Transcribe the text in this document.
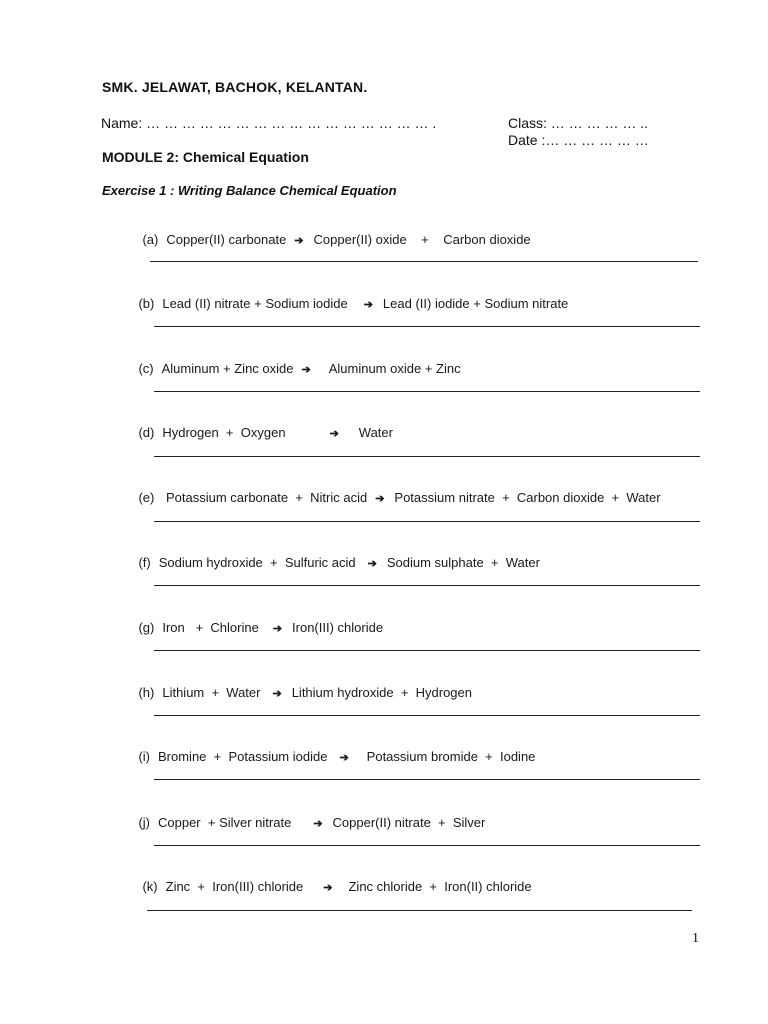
SMK. JELAWAT, BACHOK, KELANTAN.
Name: … … … … … … … … … … … … … … … … .	Class: … … … … … ..
Date :… … … … … …
MODULE 2: Chemical Equation
Exercise 1 : Writing Balance Chemical Equation

(a) Copper(II) carbonate ➔ Copper(II) oxide    +    Carbon dioxide

(b) Lead (II) nitrate + Sodium iodide ➔ Lead (II) iodide + Sodium nitrate

(c) Aluminum + Zinc oxide ➔ Aluminum oxide + Zinc

(d) Hydrogen  +  Oxygen	➔ Water

(e) Potassium carbonate  +  Nitric acid ➔ Potassium nitrate  +  Carbon dioxide  +  Water

(f) Sodium hydroxide  +  Sulfuric acid ➔ Sodium sulphate  +  Water

(g) Iron   +  Chlorine ➔ Iron(III) chloride

(h) Lithium  +  Water ➔ Lithium hydroxide  +  Hydrogen

(i) Bromine  +  Potassium iodide ➔ Potassium bromide  +  Iodine

(j) Copper  + Silver nitrate ➔ Copper(II) nitrate  +  Silver

(k) Zinc  +  Iron(III) chloride ➔ Zinc chloride  +  Iron(II) chloride

1
